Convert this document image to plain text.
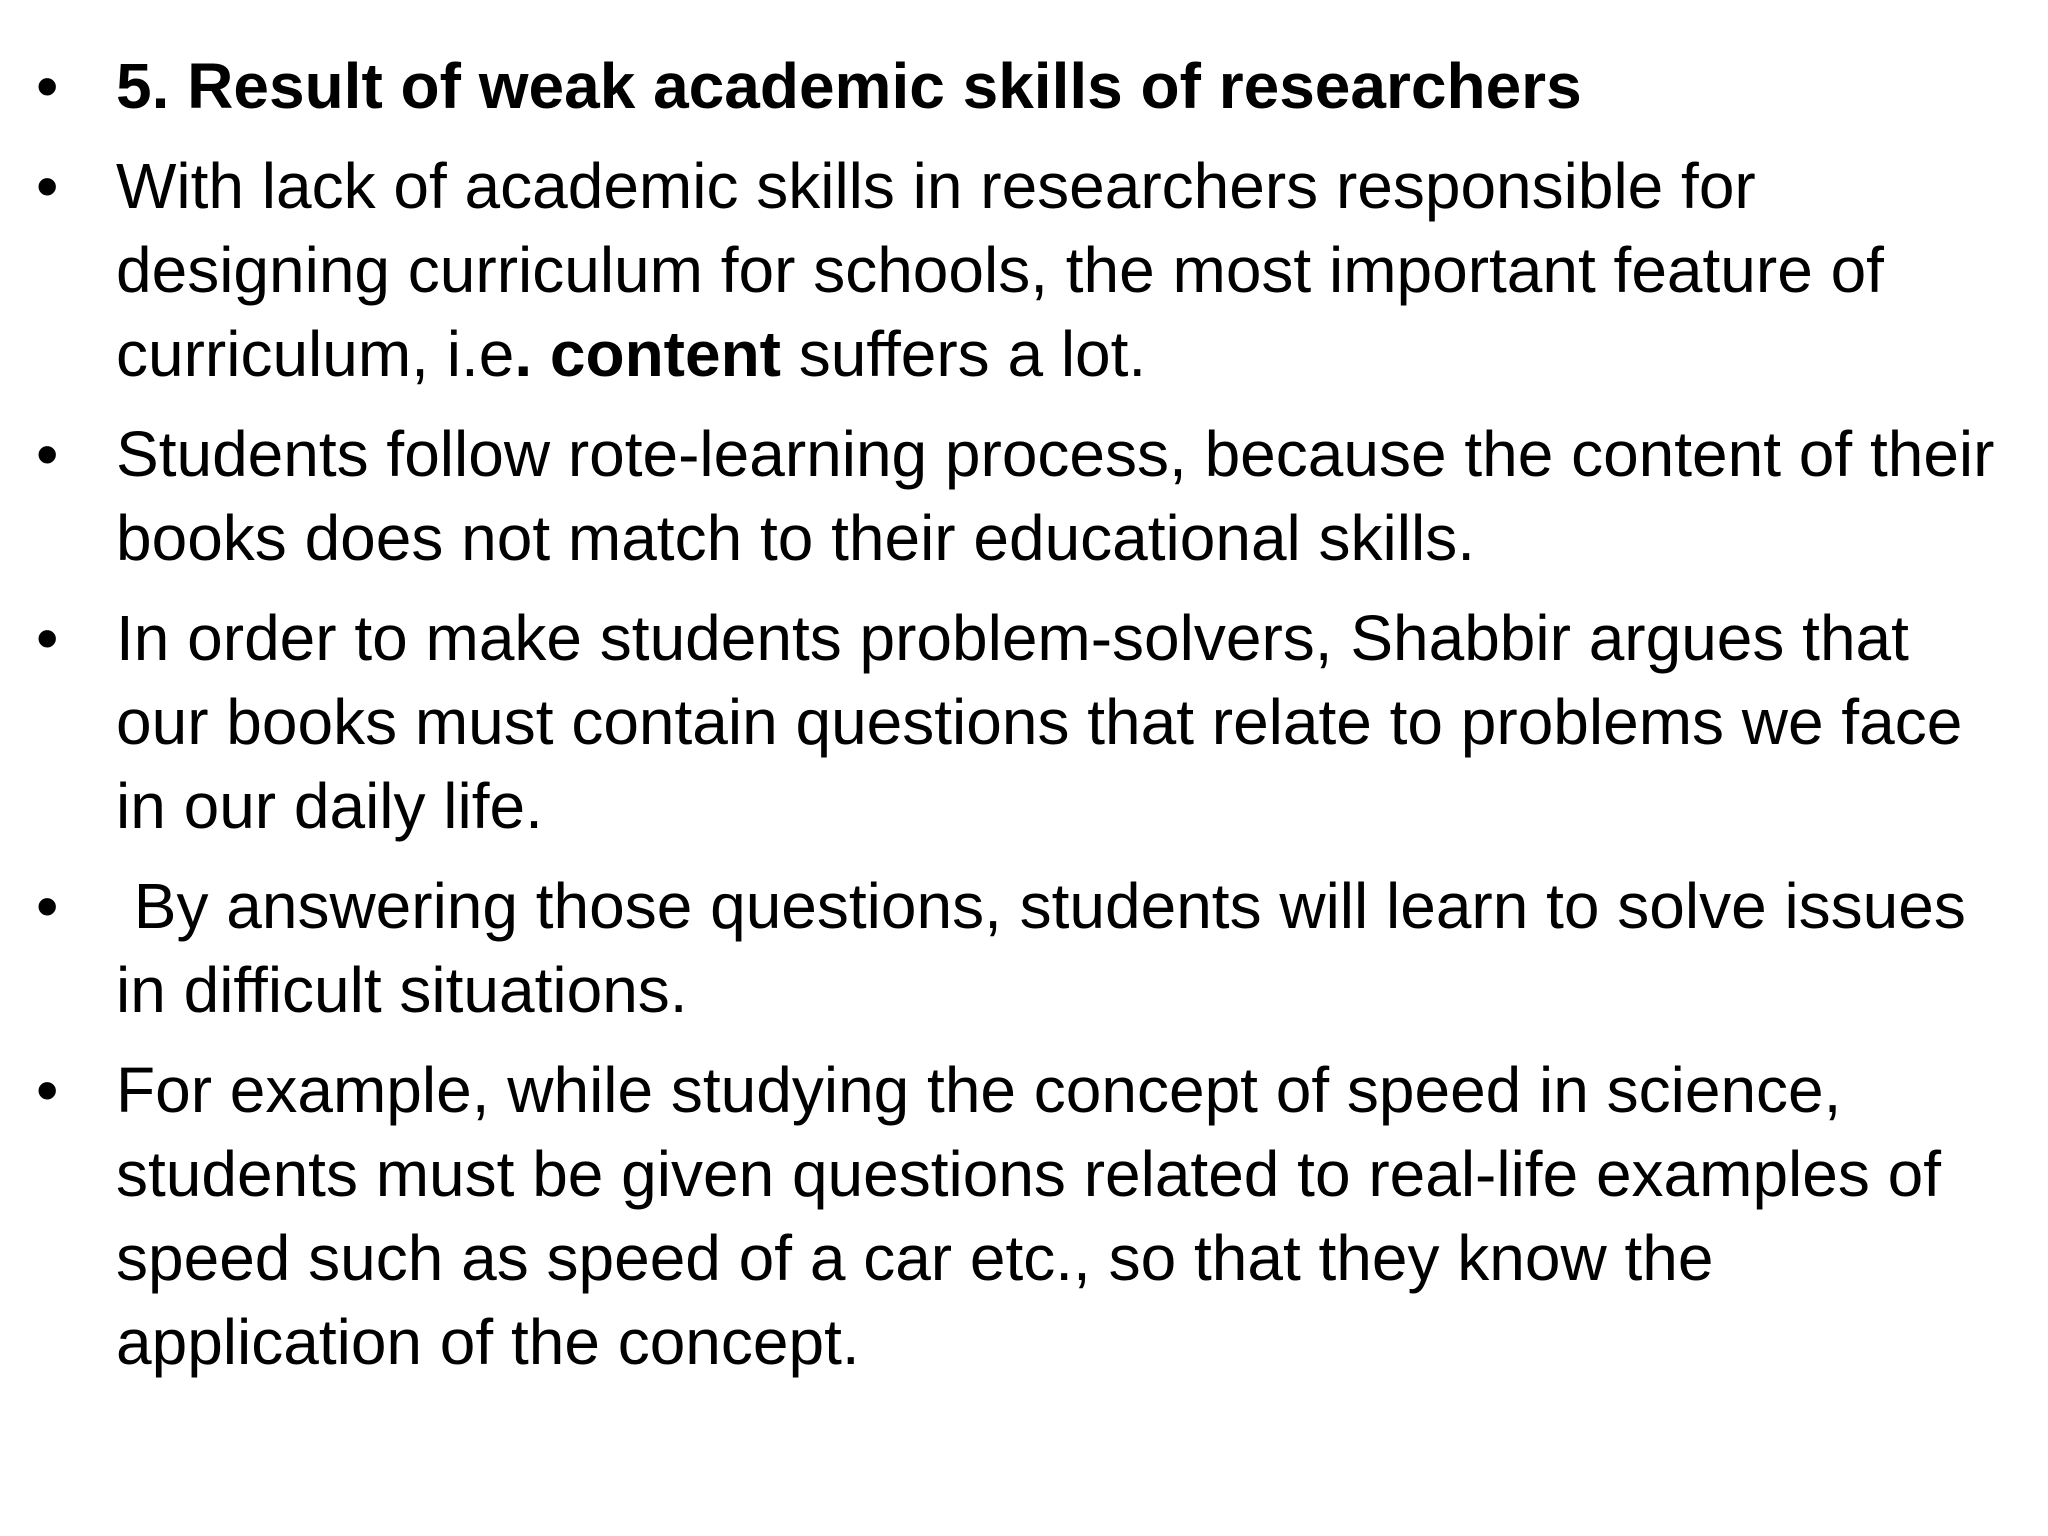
• 5. Result of weak academic skills of researchers
• With lack of academic skills in researchers responsible for designing curriculum for schools, the most important feature of curriculum, i.e. content suffers a lot.
• Students follow rote-learning process, because the content of their books does not match to their educational skills.
• In order to make students problem-solvers, Shabbir argues that our books must contain questions that relate to problems we face in our daily life.
• By answering those questions, students will learn to solve issues in difficult situations.
• For example, while studying the concept of speed in science, students must be given questions related to real-life examples of speed such as speed of a car etc., so that they know the application of the concept.
